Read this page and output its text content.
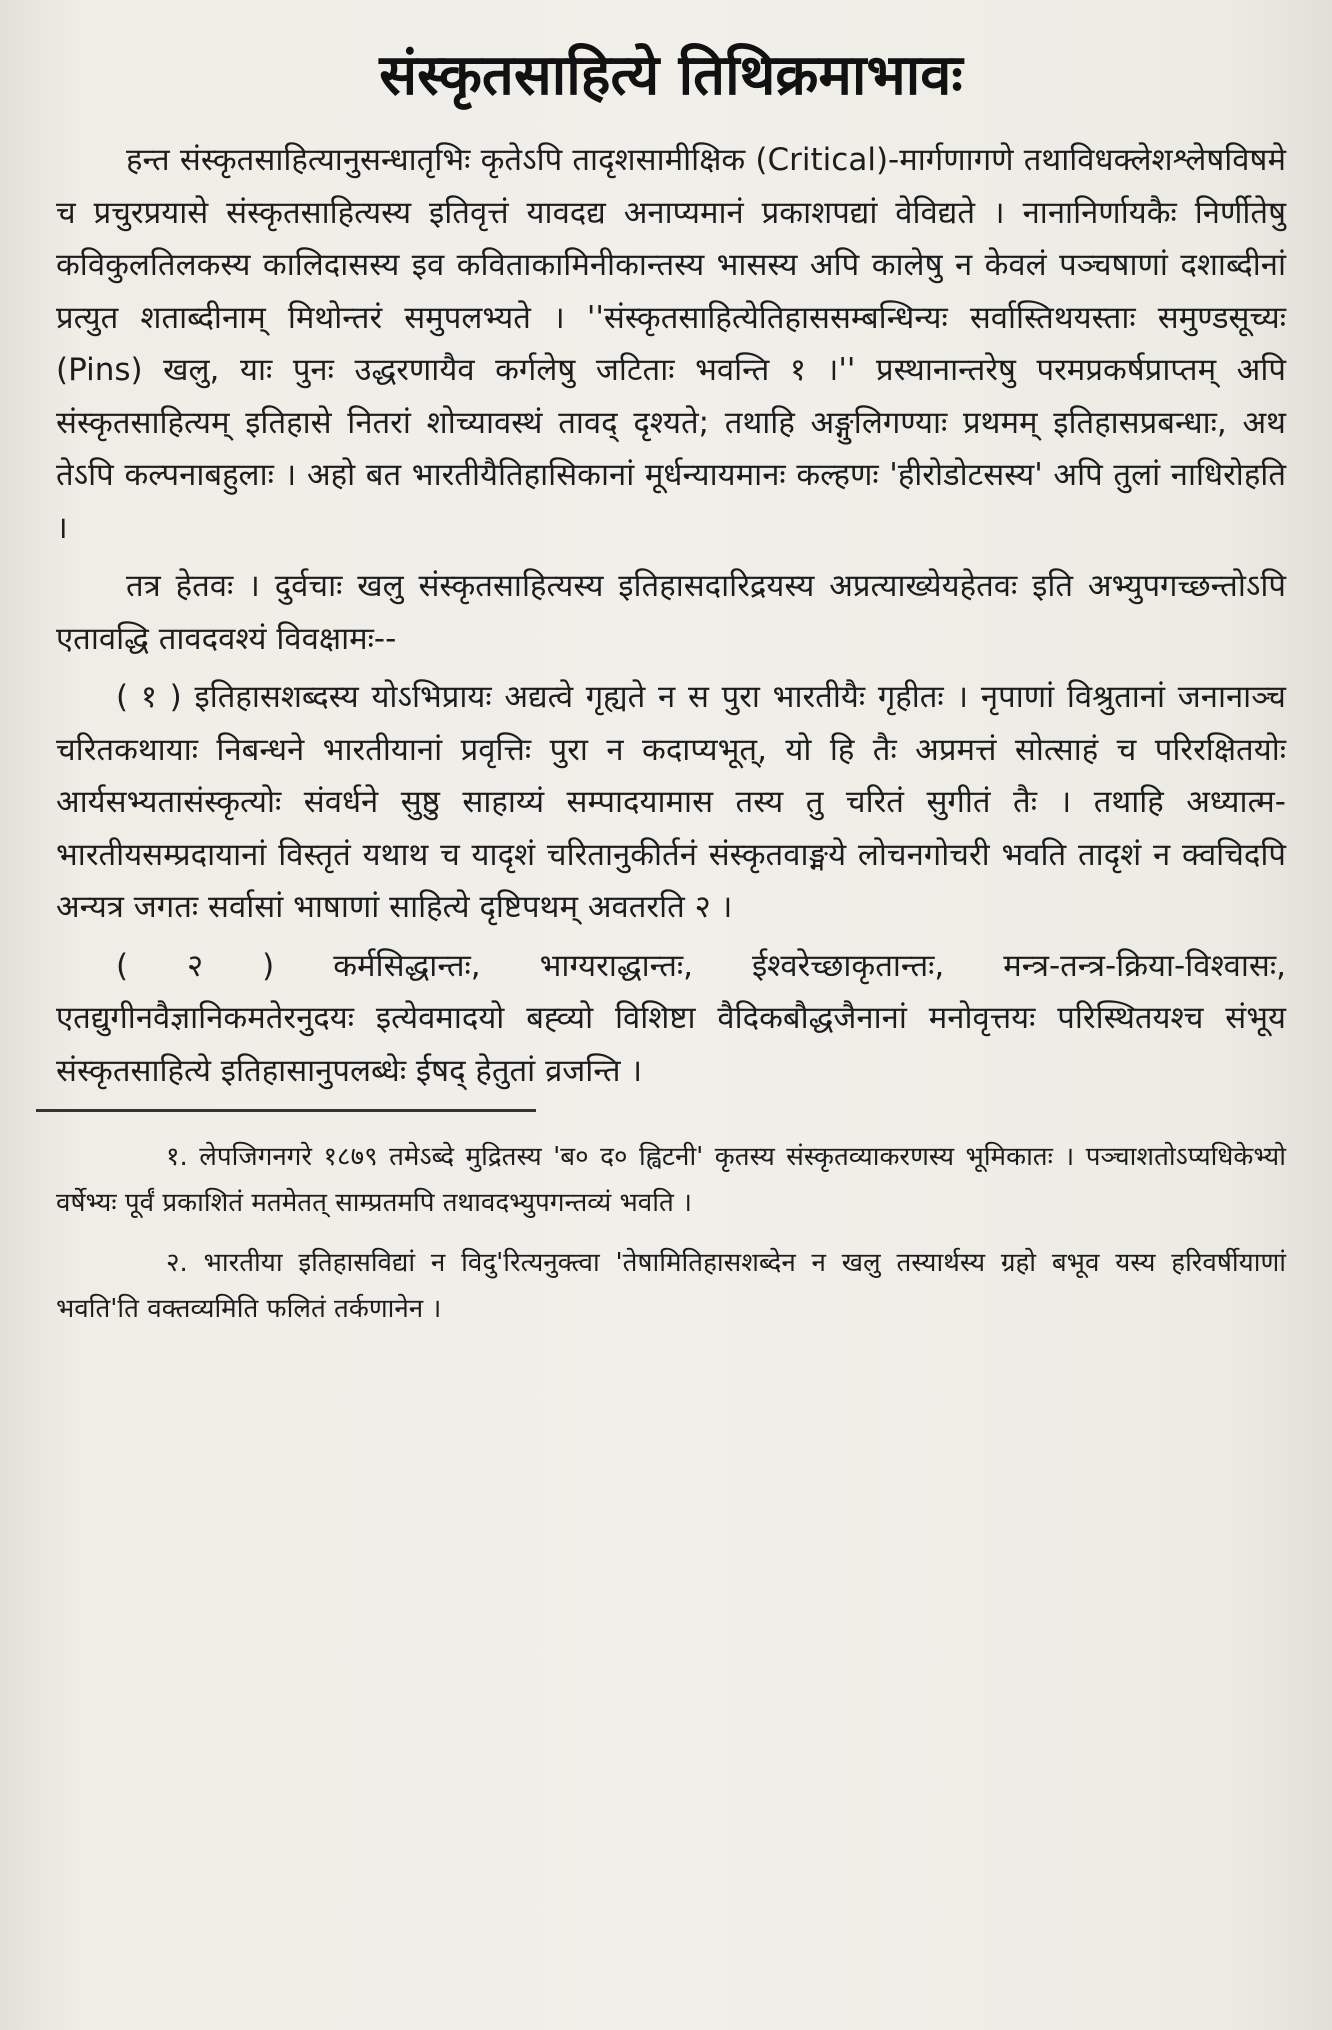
संस्कृतसाहित्ये तिथिक्रमाभावः

हन्त संस्कृतसाहित्यानुसन्धातृभिः कृतेऽपि तादृशसामीक्षिक (Critical)-मार्गणागणे तथाविधक्लेशश्लेषविषमे च प्रचुरप्रयासे संस्कृतसाहित्यस्य इतिवृत्तं यावदद्य अनाप्यमानं प्रकाशपद्यां वेविद्यते । नानानिर्णायकैः निर्णीतेषु कविकुलतिलकस्य कालिदासस्य इव कविताकामिनीकान्तस्य भासस्य अपि कालेषु न केवलं पञ्चषाणां दशाब्दीनां प्रत्युत शताब्दीनाम् मिथोन्तरं समुपलभ्यते । ''संस्कृतसाहित्येतिहाससम्बन्धिन्यः सर्वास्तिथयस्ताः समुण्डसूच्यः (Pins) खलु, याः पुनः उद्धरणायैव कर्गलेषु जटिताः भवन्ति १ ।'' प्रस्थानान्तरेषु परमप्रकर्षप्राप्तम् अपि संस्कृतसाहित्यम् इतिहासे नितरां शोच्यावस्थं तावद् दृश्यते; तथाहि अङ्गुलिगण्याः प्रथमम् इतिहासप्रबन्धाः, अथ तेऽपि कल्पनाबहुलाः । अहो बत भारतीयैतिहासिकानां मूर्धन्यायमानः कल्हणः 'हीरोडोटसस्य' अपि तुलां नाधिरोहति ।

तत्र हेतवः । दुर्वचाः खलु संस्कृतसाहित्यस्य इतिहासदारिद्रयस्य अप्रत्याख्येयहेतवः इति अभ्युपगच्छन्तोऽपि एतावद्धि तावदवश्यं विवक्षामः--

( १ ) इतिहासशब्दस्य योऽभिप्रायः अद्यत्वे गृह्यते न स पुरा भारतीयैः गृहीतः । नृपाणां विश्रुतानां जनानाञ्च चरितकथायाः निबन्धने भारतीयानां प्रवृत्तिः पुरा न कदाप्यभूत्, यो हि तैः अप्रमत्तं सोत्साहं च परिरक्षितयोः आर्यसभ्यतासंस्कृत्योः संवर्धने सुष्ठु साहाय्यं सम्पादयामास तस्य तु चरितं सुगीतं तैः । तथाहि अध्यात्म-भारतीयसम्प्रदायानां विस्तृतं यथाथ च यादृशं चरितानुकीर्तनं संस्कृतवाङ्मये लोचनगोचरी भवति तादृशं न क्वचिदपि अन्यत्र जगतः सर्वासां भाषाणां साहित्ये दृष्टिपथम् अवतरति २ ।

( २ ) कर्मसिद्धान्तः, भाग्यराद्धान्तः, ईश्वरेच्छाकृतान्तः, मन्त्र-तन्त्र-क्रिया-विश्वासः, एतद्युगीनवैज्ञानिकमतेरनुदयः इत्येवमादयो बह्व्यो विशिष्टा वैदिकबौद्धजैनानां मनोवृत्तयः परिस्थितयश्च संभूय संस्कृतसाहित्ये इतिहासानुपलब्धेः ईषद् हेतुतां व्रजन्ति ।

१. लेपजिगनगरे १८७९ तमेऽब्दे मुद्रितस्य 'ब० द० ह्विटनी' कृतस्य संस्कृतव्याकरणस्य भूमिकातः । पञ्चाशतोऽप्यधिकेभ्यो वर्षेभ्यः पूर्वं प्रकाशितं मतमेतत् साम्प्रतमपि तथावदभ्युपगन्तव्यं भवति ।

२. भारतीया इतिहासविद्यां न विदु'रित्यनुक्त्वा 'तेषामितिहासशब्देन न खलु तस्यार्थस्य ग्रहो बभूव यस्य हरिवर्षीयाणां भवति'ति वक्तव्यमिति फलितं तर्कणानेन ।
